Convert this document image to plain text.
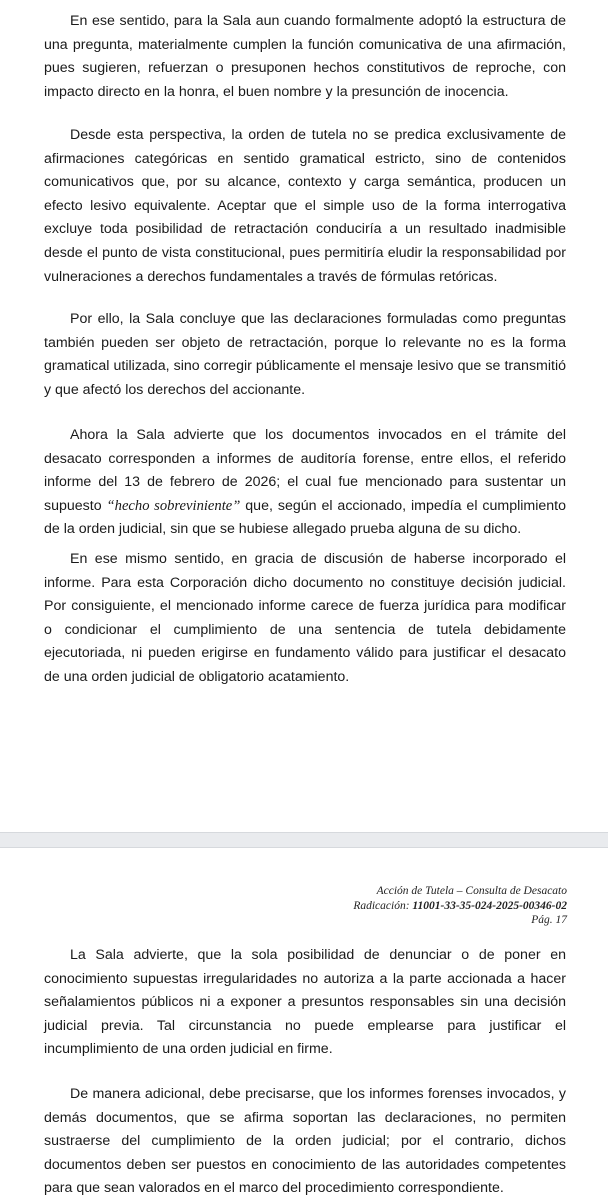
En ese sentido, para la Sala aun cuando formalmente adoptó la estructura de una pregunta, materialmente cumplen la función comunicativa de una afirmación, pues sugieren, refuerzan o presuponen hechos constitutivos de reproche, con impacto directo en la honra, el buen nombre y la presunción de inocencia.

Desde esta perspectiva, la orden de tutela no se predica exclusivamente de afirmaciones categóricas en sentido gramatical estricto, sino de contenidos comunicativos que, por su alcance, contexto y carga semántica, producen un efecto lesivo equivalente. Aceptar que el simple uso de la forma interrogativa excluye toda posibilidad de retractación conduciría a un resultado inadmisible desde el punto de vista constitucional, pues permitiría eludir la responsabilidad por vulneraciones a derechos fundamentales a través de fórmulas retóricas.

Por ello, la Sala concluye que las declaraciones formuladas como preguntas también pueden ser objeto de retractación, porque lo relevante no es la forma gramatical utilizada, sino corregir públicamente el mensaje lesivo que se transmitió y que afectó los derechos del accionante.

Ahora la Sala advierte que los documentos invocados en el trámite del desacato corresponden a informes de auditoría forense, entre ellos, el referido informe del 13 de febrero de 2026; el cual fue mencionado para sustentar un supuesto “hecho sobreviniente” que, según el accionado, impedía el cumplimiento de la orden judicial, sin que se hubiese allegado prueba alguna de su dicho.

En ese mismo sentido, en gracia de discusión de haberse incorporado el informe. Para esta Corporación dicho documento no constituye decisión judicial. Por consiguiente, el mencionado informe carece de fuerza jurídica para modificar o condicionar el cumplimiento de una sentencia de tutela debidamente ejecutoriada, ni pueden erigirse en fundamento válido para justificar el desacato de una orden judicial de obligatorio acatamiento.

Acción de Tutela – Consulta de Desacato
Radicación: 11001-33-35-024-2025-00346-02
Pág. 17

La Sala advierte, que la sola posibilidad de denunciar o de poner en conocimiento supuestas irregularidades no autoriza a la parte accionada a hacer señalamientos públicos ni a exponer a presuntos responsables sin una decisión judicial previa. Tal circunstancia no puede emplearse para justificar el incumplimiento de una orden judicial en firme.

De manera adicional, debe precisarse, que los informes forenses invocados, y demás documentos, que se afirma soportan las declaraciones, no permiten sustraerse del cumplimiento de la orden judicial; por el contrario, dichos documentos deben ser puestos en conocimiento de las autoridades competentes para que sean valorados en el marco del procedimiento correspondiente.
